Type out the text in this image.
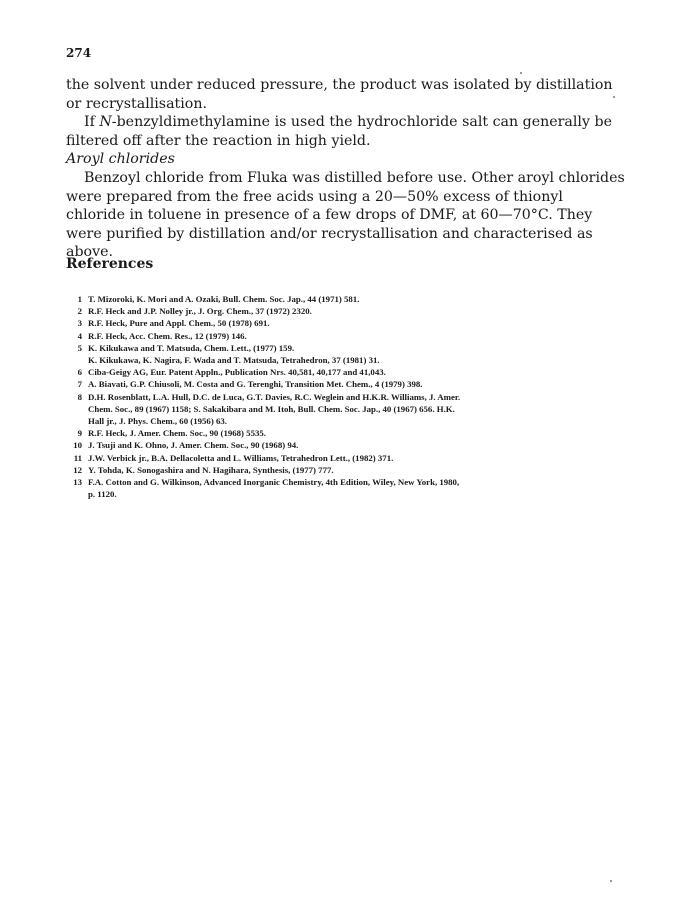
274

the solvent under reduced pressure, the product was isolated by distillation or recrystallisation.

If N-benzyldimethylamine is used the hydrochloride salt can generally be filtered off after the reaction in high yield.

Aroyl chlorides

Benzoyl chloride from Fluka was distilled before use. Other aroyl chlorides were prepared from the free acids using a 20—50% excess of thionyl chloride in toluene in presence of a few drops of DMF, at 60—70°C. They were purified by distillation and/or recrystallisation and characterised as above.

References
1 T. Mizoroki, K. Mori and A. Ozaki, Bull. Chem. Soc. Jap., 44 (1971) 581.
2 R.F. Heck and J.P. Nolley jr., J. Org. Chem., 37 (1972) 2320.
3 R.F. Heck, Pure and Appl. Chem., 50 (1978) 691.
4 R.F. Heck, Acc. Chem. Res., 12 (1979) 146.
5 K. Kikukawa and T. Matsuda, Chem. Lett., (1977) 159.
K. Kikukawa, K. Nagira, F. Wada and T. Matsuda, Tetrahedron, 37 (1981) 31.
6 Ciba-Geigy AG, Eur. Patent Appln., Publication Nrs. 40,581, 40,177 and 41,043.
7 A. Biavati, G.P. Chiusoli, M. Costa and G. Terenghi, Transition Met. Chem., 4 (1979) 398.
8 D.H. Rosenblatt, L.A. Hull, D.C. de Luca, G.T. Davies, R.C. Weglein and H.K.R. Williams, J. Amer.
Chem. Soc., 89 (1967) 1158; S. Sakakibara and M. Itoh, Bull. Chem. Soc. Jap., 40 (1967) 656. H.K.
Hall jr., J. Phys. Chem., 60 (1956) 63.
9 R.F. Heck, J. Amer. Chem. Soc., 90 (1968) 5535.
10 J. Tsuji and K. Ohno, J. Amer. Chem. Soc., 90 (1968) 94.
11 J.W. Verbick jr., B.A. Dellacoletta and L. Williams, Tetrahedron Lett., (1982) 371.
12 Y. Tohda, K. Sonogashira and N. Hagihara, Synthesis, (1977) 777.
13 F.A. Cotton and G. Wilkinson, Advanced Inorganic Chemistry, 4th Edition, Wiley, New York, 1980,
p. 1120.
